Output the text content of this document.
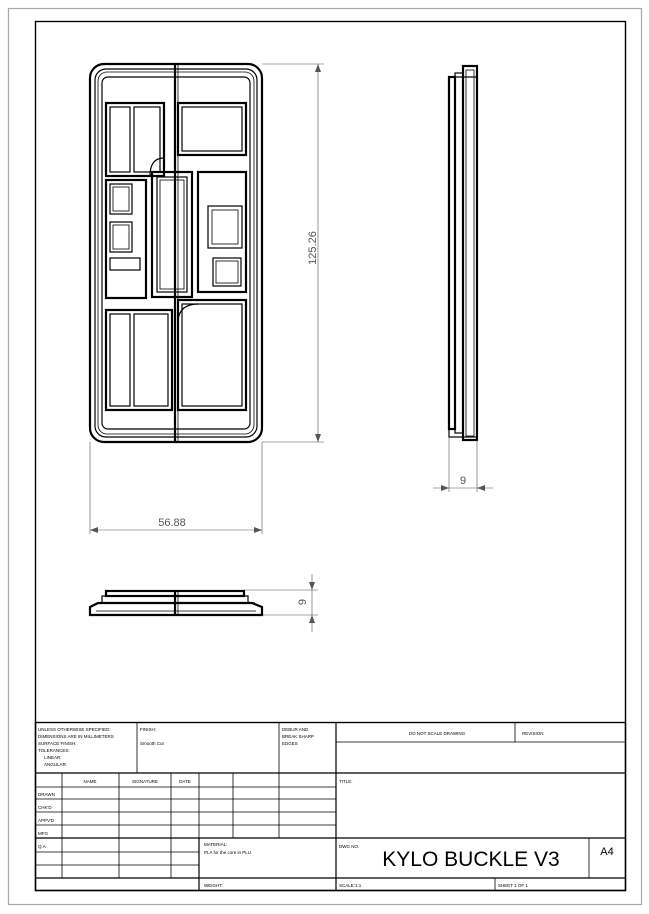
125.26
56.88
9
9
UNLESS OTHERWISE SPECIFIED:
DIMENSIONS ARE IN MILLIMETERS
SURFACE FINISH:
TOLERANCES:
LINEAR:
ANGULAR:
FINISH:
Smooth Cut
DEBUR AND
BREAK SHARP
EDGES
DO NOT SCALE DRAWING	REVISION
TITLE:
NAME	SIGNATURE	DATE
DRAWN
CHK'D
APPV'D
MFG
Q.A	MATERIAL:
PLA for the core in PLU
DWG NO.
KYLO BUCKLE V3	A4
WEIGHT:	SCALE:1:1	SHEET 1 OF 1
